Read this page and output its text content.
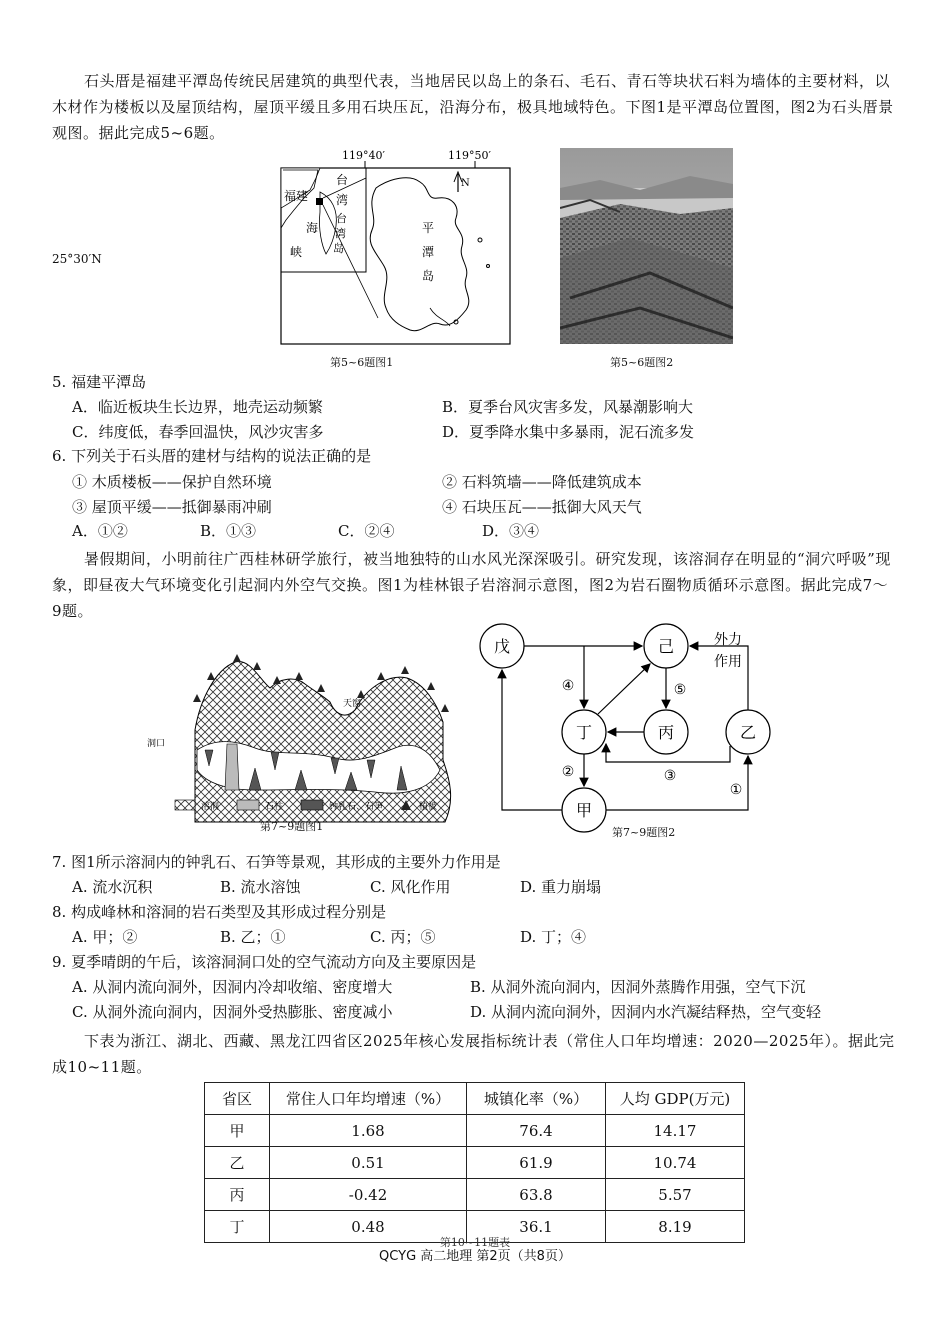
石头厝是福建平潭岛传统民居建筑的典型代表，当地居民以岛上的条石、毛石、青石等块状石料为墙体的主要材料，以木材作为楼板以及屋顶结构，屋顶平缓且多用石块压瓦，沿海分布，极具地域特色。下图1是平潭岛位置图，图2为石头厝景观图。据此完成5~6题。
119°40′	119°50′
福建
台
湾
海
峡
台
湾
岛
平
潭
岛
N
25°30′N
第5~6题图1	第5~6题图2
5. 福建平潭岛
A．临近板块生长边界，地壳运动频繁	B．夏季台风灾害多发，风暴潮影响大
C．纬度低，春季回温快，风沙灾害多	D．夏季降水集中多暴雨，泥石流多发
6. 下列关于石头厝的建材与结构的说法正确的是
① 木质楼板——保护自然环境	② 石料筑墙——降低建筑成本
③ 屋顶平缓——抵御暴雨冲刷	④ 石块压瓦——抵御大风天气
A．①②	B．①③	C．②④	D．③④
暑假期间，小明前往广西桂林研学旅行，被当地独特的山水风光深深吸引。研究发现，该溶洞存在明显的“洞穴呼吸”现象，即昼夜大气环境变化引起洞内外空气交换。图1为桂林银子岩溶洞示意图，图2为岩石圈物质循环示意图。据此完成7～9题。
天窗
洞口
溶洞	石柱	钟乳石、石笋	植被
第7~9题图1
戊	己
丁	丙	乙
甲
④	⑤
②	③
①
外力
作用
第7~9题图2
7. 图1所示溶洞内的钟乳石、石笋等景观，其形成的主要外力作用是
A. 流水沉积	B. 流水溶蚀	C. 风化作用	D. 重力崩塌
8. 构成峰林和溶洞的岩石类型及其形成过程分别是
A. 甲；②	B. 乙；①	C. 丙；⑤	D. 丁；④
9. 夏季晴朗的午后，该溶洞洞口处的空气流动方向及主要原因是
A. 从洞内流向洞外，因洞内冷却收缩、密度增大	B. 从洞外流向洞内，因洞外蒸腾作用强，空气下沉
C. 从洞外流向洞内，因洞外受热膨胀、密度减小	D. 从洞内流向洞外，因洞内水汽凝结释热，空气变轻
下表为浙江、湖北、西藏、黑龙江四省区2025年核心发展指标统计表（常住人口年均增速：2020—2025年）。据此完成10~11题。
省区	常住人口年均增速（%）	城镇化率（%）	人均 GDP(万元)
甲	1.68	76.4	14.17
乙	0.51	61.9	10.74
丙	-0.42	63.8	5.57
丁	0.48	36.1	8.19
第10~11题表
QCYG 高二地理 第2页（共8页）
